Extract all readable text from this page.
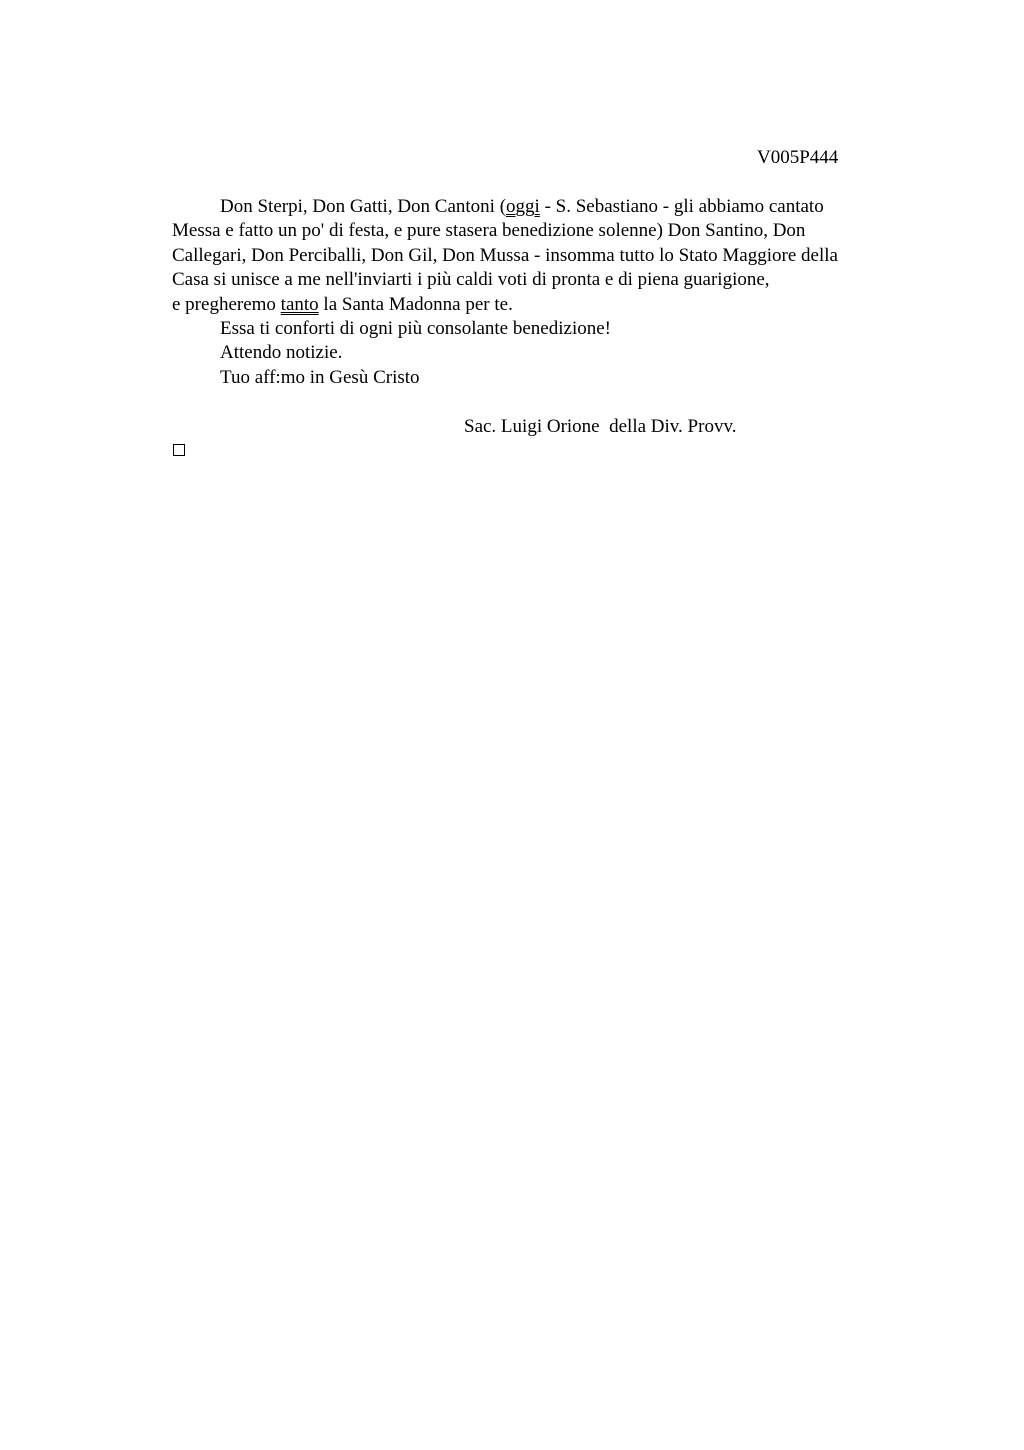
V005P444
Don Sterpi, Don Gatti, Don Cantoni (oggi - S. Sebastiano - gli abbiamo cantato
Messa e fatto un po' di festa, e pure stasera benedizione solenne) Don Santino, Don
Callegari, Don Perciballi, Don Gil, Don Mussa - insomma tutto lo Stato Maggiore della
Casa si unisce a me nell'inviarti i più caldi voti di pronta e di piena guarigione,
e pregheremo tanto la Santa Madonna per te.
Essa ti conforti di ogni più consolante benedizione!
Attendo notizie.
Tuo aff:mo in Gesù Cristo
Sac. Luigi Orione  della Div. Provv.
